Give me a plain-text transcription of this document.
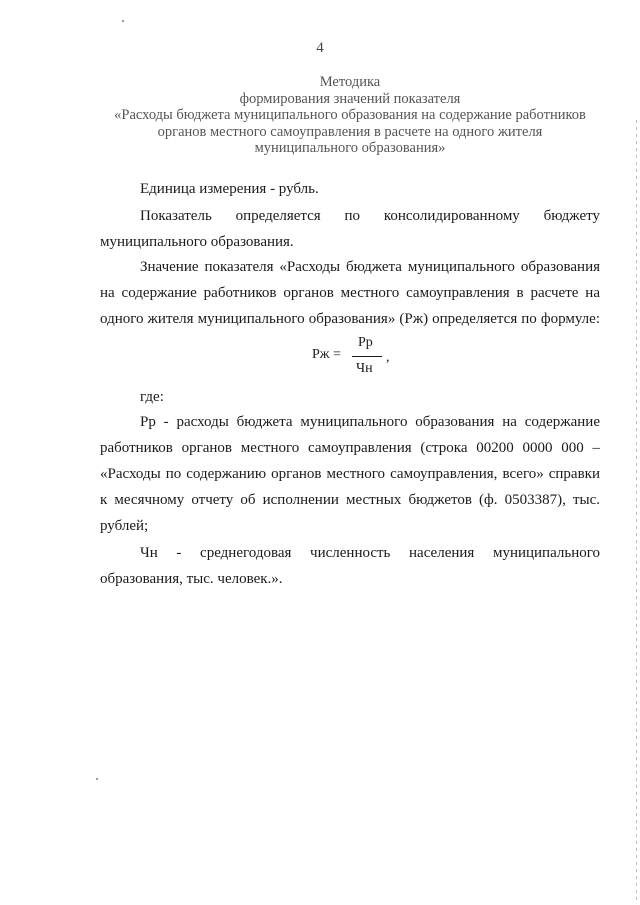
4
Методика
формирования значений показателя
«Расходы бюджета муниципального образования на содержание работников
органов местного самоуправления в расчете на одного жителя
муниципального образования»
Единица измерения - рубль.
Показатель определяется по консолидированному бюджету
муниципального образования.
Значение показателя «Расходы бюджета муниципального образования
на содержание работников органов местного самоуправления в расчете на
одного жителя муниципального образования» (Рж) определяется по формуле:
Рж =
Рр
Чн
,
где:
Рр - расходы бюджета муниципального образования на содержание
работников органов местного самоуправления (строка 00200 0000 000 –
«Расходы по содержанию органов местного самоуправления, всего» справки
к месячному отчету об исполнении местных бюджетов (ф. 0503387), тыс.
рублей;
Чн - среднегодовая численность населения муниципального
образования, тыс. человек.».
